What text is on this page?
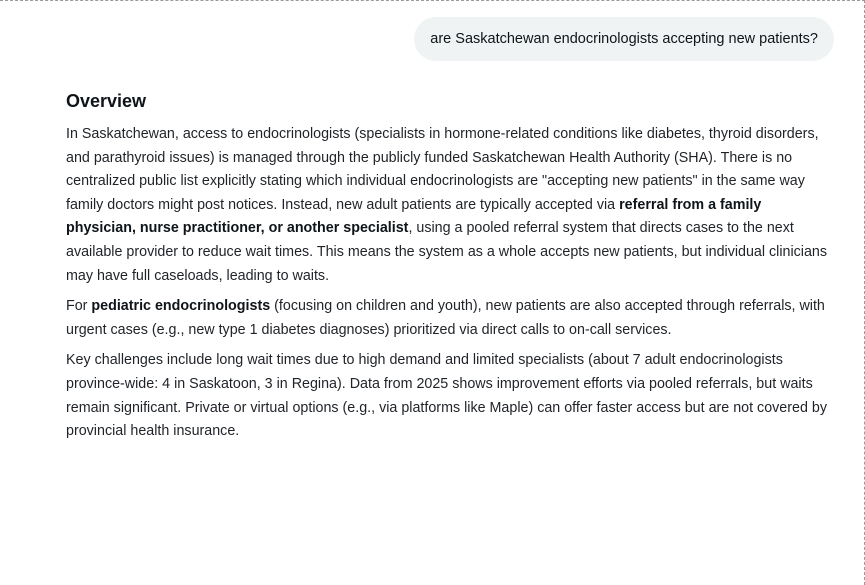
are Saskatchewan endocrinologists accepting new patients?
Overview

In Saskatchewan, access to endocrinologists (specialists in hormone-related conditions like diabetes, thyroid disorders, and parathyroid issues) is managed through the publicly funded Saskatchewan Health Authority (SHA). There is no centralized public list explicitly stating which individual endocrinologists are "accepting new patients" in the same way family doctors might post notices. Instead, new adult patients are typically accepted via referral from a family physician, nurse practitioner, or another specialist, using a pooled referral system that directs cases to the next available provider to reduce wait times. This means the system as a whole accepts new patients, but individual clinicians may have full caseloads, leading to waits.

For pediatric endocrinologists (focusing on children and youth), new patients are also accepted through referrals, with urgent cases (e.g., new type 1 diabetes diagnoses) prioritized via direct calls to on-call services.

Key challenges include long wait times due to high demand and limited specialists (about 7 adult endocrinologists province-wide: 4 in Saskatoon, 3 in Regina). Data from 2025 shows improvement efforts via pooled referrals, but waits remain significant. Private or virtual options (e.g., via platforms like Maple) can offer faster access but are not covered by provincial health insurance.
